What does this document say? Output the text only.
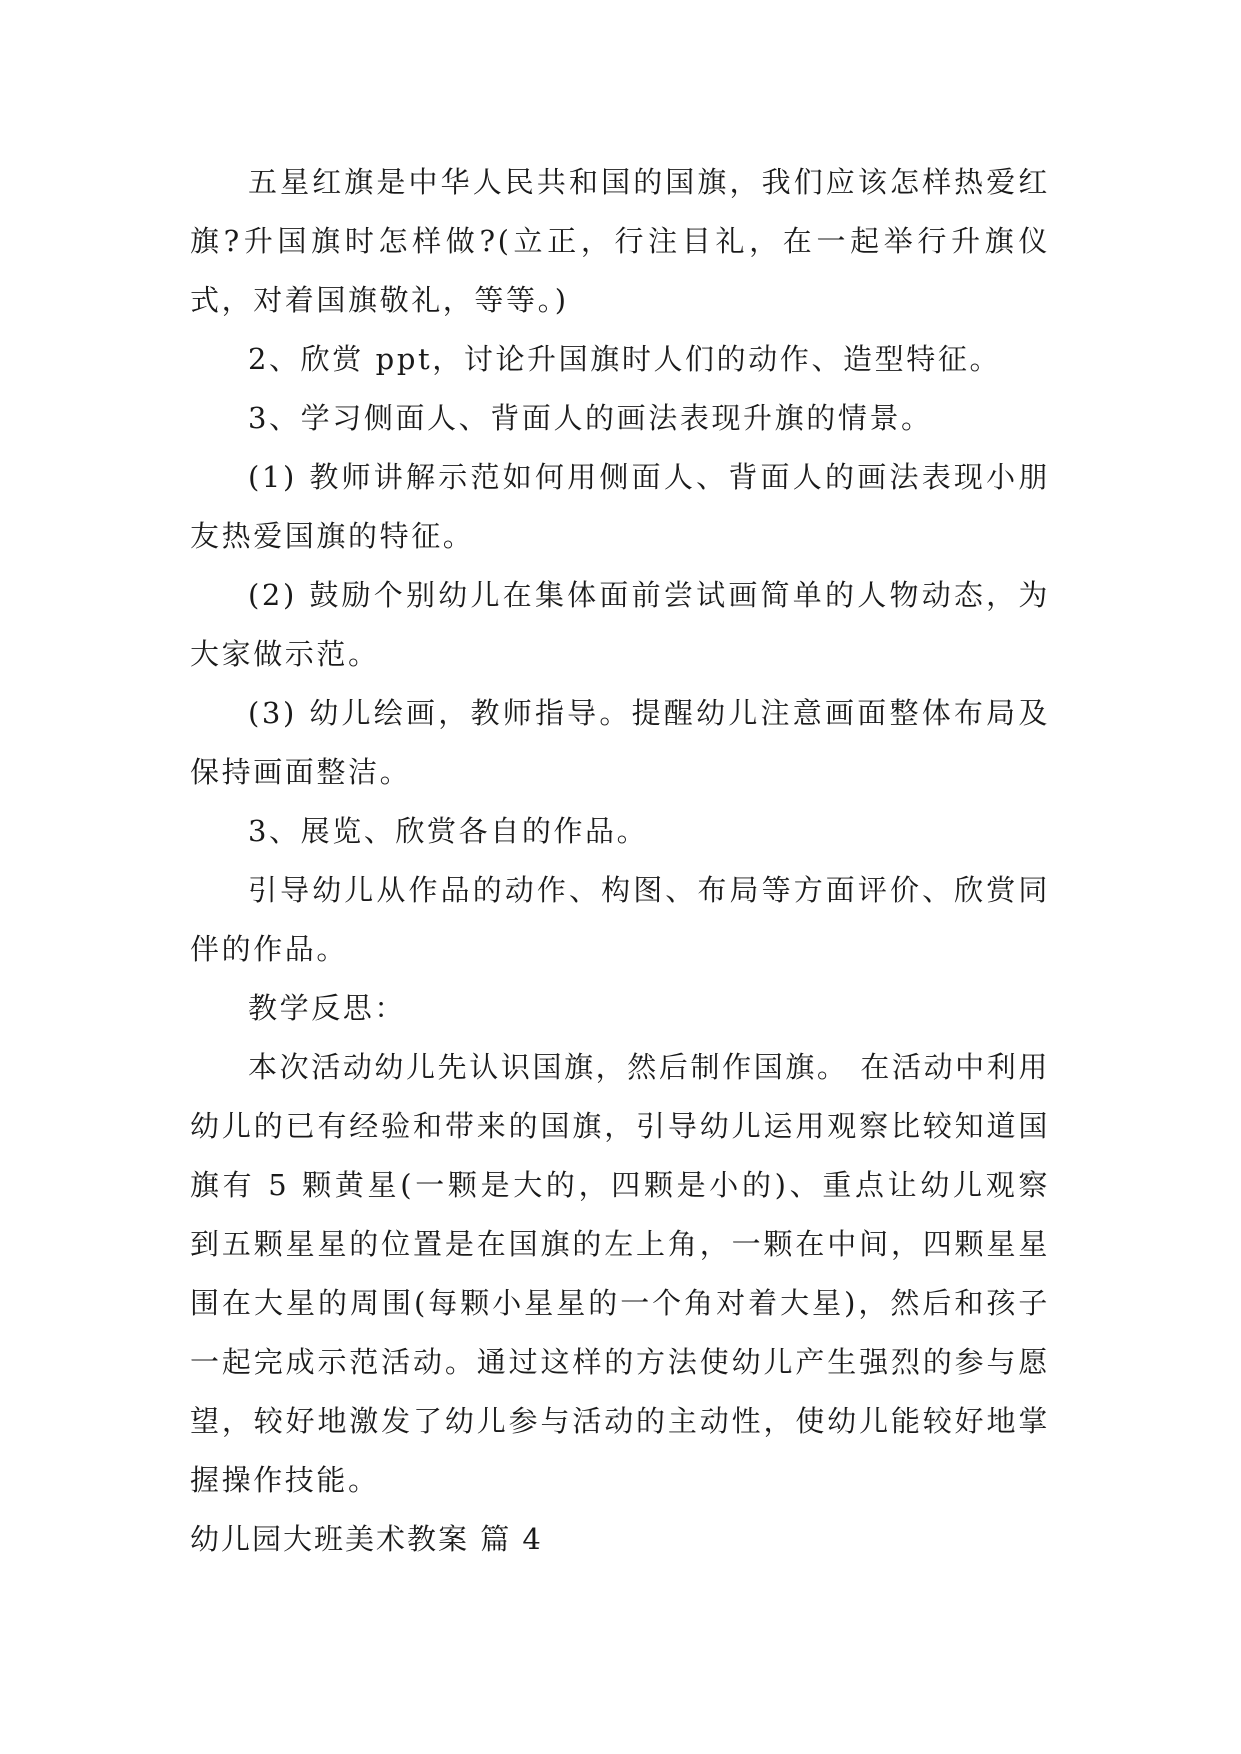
五星红旗是中华人民共和国的国旗，我们应该怎样热爱红旗?升国旗时怎样做?(立正，行注目礼，在一起举行升旗仪式，对着国旗敬礼，等等。)

2、欣赏 ppt，讨论升国旗时人们的动作、造型特征。

3、学习侧面人、背面人的画法表现升旗的情景。

(1) 教师讲解示范如何用侧面人、背面人的画法表现小朋友热爱国旗的特征。

(2) 鼓励个别幼儿在集体面前尝试画简单的人物动态，为大家做示范。

(3) 幼儿绘画，教师指导。提醒幼儿注意画面整体布局及保持画面整洁。

3、展览、欣赏各自的作品。

引导幼儿从作品的动作、构图、布局等方面评价、欣赏同伴的作品。

教学反思：

本次活动幼儿先认识国旗，然后制作国旗。 在活动中利用幼儿的已有经验和带来的国旗，引导幼儿运用观察比较知道国旗有 5 颗黄星(一颗是大的，四颗是小的)、重点让幼儿观察到五颗星星的位置是在国旗的左上角，一颗在中间，四颗星星围在大星的周围(每颗小星星的一个角对着大星)，然后和孩子一起完成示范活动。通过这样的方法使幼儿产生强烈的参与愿望，较好地激发了幼儿参与活动的主动性，使幼儿能较好地掌握操作技能。

幼儿园大班美术教案 篇 4
